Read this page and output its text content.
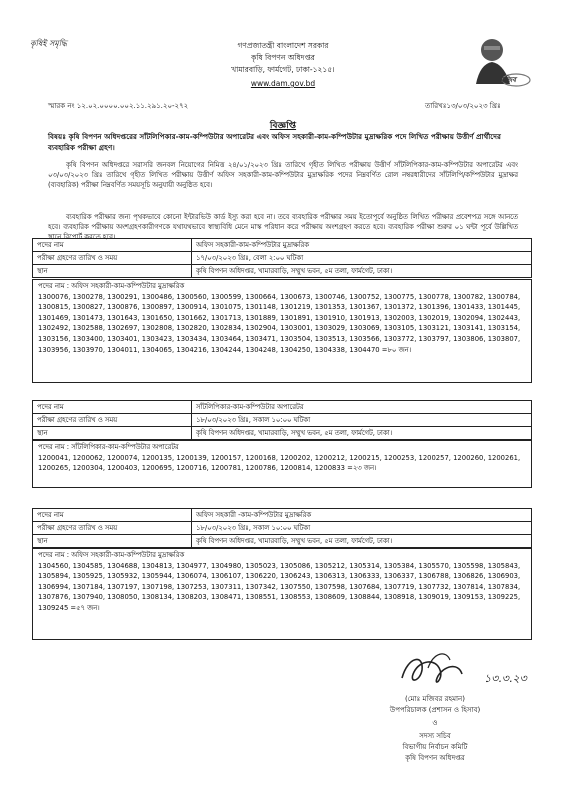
কৃষিই সমৃদ্ধি	গণপ্রজাতন্ত্রী বাংলাদেশ সরকার
কৃষি বিপণন অধিদপ্তর
খামারবাড়ি, ফার্মগেট, ঢাকা-১২১৫।
www.dam.gov.bd	মুজিব
স্মারক নং ১২.০২.০০০০.০০২.১১.২৯১.২০-২৭২	তারিখঃ১৩/০৩/২০২৩ খ্রিঃ
বিজ্ঞপ্তি
বিষয়ঃ কৃষি বিপণন অধিদপ্তরের সাঁটলিপিকার-কাম-কম্পিউটার অপারেটর এবং অফিস সহকারী-কাম-কম্পিউটার মুদ্রাক্ষরিক পদে লিখিত পরীক্ষায় উত্তীর্ণ প্রার্থীদের ব্যবহারিক পরীক্ষা গ্রহণ।
কৃষি বিপণন অধিদপ্তরে সরাসরি জনবল নিয়োগের নিমিত্ত ২৪/০১/২০২৩ খ্রিঃ তারিখে গৃহীত লিখিত পরীক্ষায় উত্তীর্ণ সাঁটলিপিকার-কাম-কম্পিউটার অপারেটর এবং ০৩/০৩/২০২৩ খ্রিঃ তারিখে গৃহীত লিখিত পরীক্ষায় উত্তীর্ণ অফিস সহকারী-কাম-কম্পিউটার মুদ্রাক্ষরিক পদের নিম্নবর্ণিত রোল নম্বরধারীদের সাঁটলিপি/কম্পিউটার মুদ্রাক্ষর (ব্যবহারিক) পরীক্ষা নিম্নবর্ণিত সময়সূচি অনুযায়ী অনুষ্ঠিত হবে।
ব্যবহারিক পরীক্ষার জন্য পৃথকভাবে কোনো ইন্টারভিউ কার্ড ইস্যু করা হবে না। তবে ব্যবহারিক পরীক্ষার সময় ইতোপূর্বে অনুষ্ঠিত লিখিত পরীক্ষার প্রবেশপত্র সঙ্গে আনতে হবে। ব্যবহারিক পরীক্ষায় অংশগ্রহণকারীগণকে যথাযথভাবে স্বাস্থ্যবিধি মেনে মাস্ক পরিধান করে পরীক্ষায় অংশগ্রহণ করতে হবে। ব্যবহারিক পরীক্ষা শুরুর ০১ ঘন্টা পূর্বে উল্লিখিত স্থানে রিপোর্ট করতে হবে।
পদের নাম	অফিস সহকারী-কাম-কম্পিউটার মুদ্রাক্ষরিক
পরীক্ষা গ্রহণের তারিখ ও সময়	১৭/০৩/২০২৩ খ্রিঃ, বেলা ২:০০ ঘটিকা
স্থান	কৃষি বিপণন অধিদপ্তর, খামারবাড়ি, সম্মুখ ভবন, ৫ম তলা, ফার্মগেট, ঢাকা।
পদের নাম : অফিস সহকারী-কাম-কম্পিউটার মুদ্রাক্ষরিক
1300076, 1300278, 1300291, 1300486, 1300560, 1300599, 1300664, 1300673, 1300746, 1300752, 1300775, 1300778, 1300782, 1300784, 1300815, 1300827, 1300876, 1300897, 1300914, 1301075, 1301148, 1301219, 1301353, 1301367, 1301372, 1301396, 1301433, 1301445, 1301469, 1301473, 1301643, 1301650, 1301662, 1301713, 1301889, 1301891, 1301910, 1301913, 1302003, 1302019, 1302094, 1302443, 1302492, 1302588, 1302697, 1302808, 1302820, 1302834, 1302904, 1303001, 1303029, 1303069, 1303105, 1303121, 1303141, 1303154, 1303156, 1303400, 1303401, 1303423, 1303434, 1303464, 1303471, 1303504, 1303513, 1303566, 1303772, 1303797, 1303806, 1303807, 1303956, 1303970, 1304011, 1304065, 1304216, 1304244, 1304248, 1304250, 1304338, 1304470 =৮০ জন।
পদের নাম	সাঁটলিপিকার-কাম-কম্পিউটার অপারেটর
পরীক্ষা গ্রহণের তারিখ ও সময়	১৮/০৩/২০২৩ খ্রিঃ, সকাল ১০:০০ ঘটিকা
স্থান	কৃষি বিপণন অধিদপ্তর, খামারবাড়ি, সম্মুখ ভবন, ৫ম তলা, ফার্মগেট, ঢাকা।
পদের নাম : সাঁটলিপিকার-কাম-কম্পিউটার অপারেটর
1200041, 1200062, 1200074, 1200135, 1200139, 1200157, 1200168, 1200202, 1200212, 1200215, 1200253, 1200257, 1200260, 1200261, 1200265, 1200304, 1200403, 1200695, 1200716, 1200781, 1200786, 1200814, 1200833 =২৩ জন।
পদের নাম	অফিস সহকারী -কাম-কম্পিউটার মুদ্রাক্ষরিক
পরীক্ষা গ্রহণের তারিখ ও সময়	১৮/০৩/২০২৩ খ্রিঃ, সকাল ১০:০০ ঘটিকা
স্থান	কৃষি বিপণন অধিদপ্তর, খামারবাড়ি, সম্মুখ ভবন, ৫ম তলা, ফার্মগেট, ঢাকা।
পদের নাম : অফিস সহকারী-কাম-কম্পিউটার মুদ্রাক্ষরিক
1304560, 1304585, 1304688, 1304813, 1304977, 1304980, 1305023, 1305086, 1305212, 1305314, 1305384, 1305570, 1305598, 1305843, 1305894, 1305925, 1305932, 1305944, 1306074, 1306107, 1306220, 1306243, 1306313, 1306333, 1306337, 1306788, 1306826, 1306903, 1306994, 1307184, 1307197, 1307198, 1307253, 1307311, 1307342, 1307550, 1307598, 1307684, 1307719, 1307732, 1307814, 1307834, 1307876, 1307940, 1308050, 1308134, 1308203, 1308471, 1308551, 1308553, 1308609, 1308844, 1308918, 1309019, 1309153, 1309225, 1309245 =৫৭ জন।
১৩.৩.২৩
(মোঃ মজিবর রহমান)
উপপরিচালক (প্রশাসন ও হিসাব)
ও
সদস্য সচিব
বিভাগীয় নির্বাচন কমিটি
কৃষি বিপণন অধিদপ্তর
